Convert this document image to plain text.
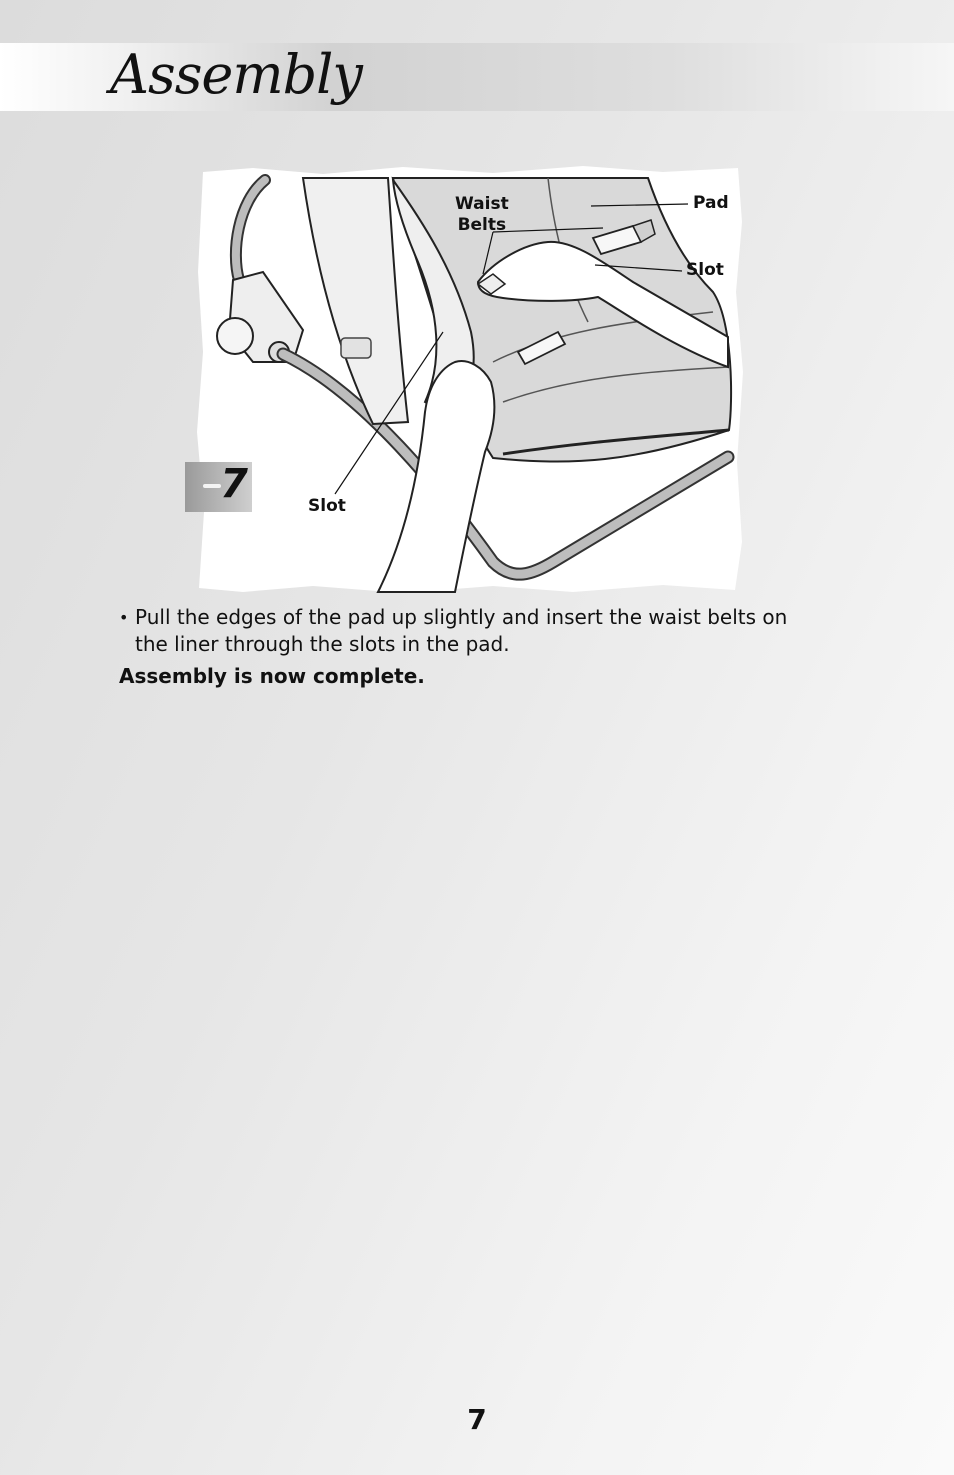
Assembly
Waist
Belts
Pad
Slot
Slot
7
• Pull the edges of the pad up slightly and insert the waist belts on the liner through the slots in the pad.
Assembly is now complete.
7
